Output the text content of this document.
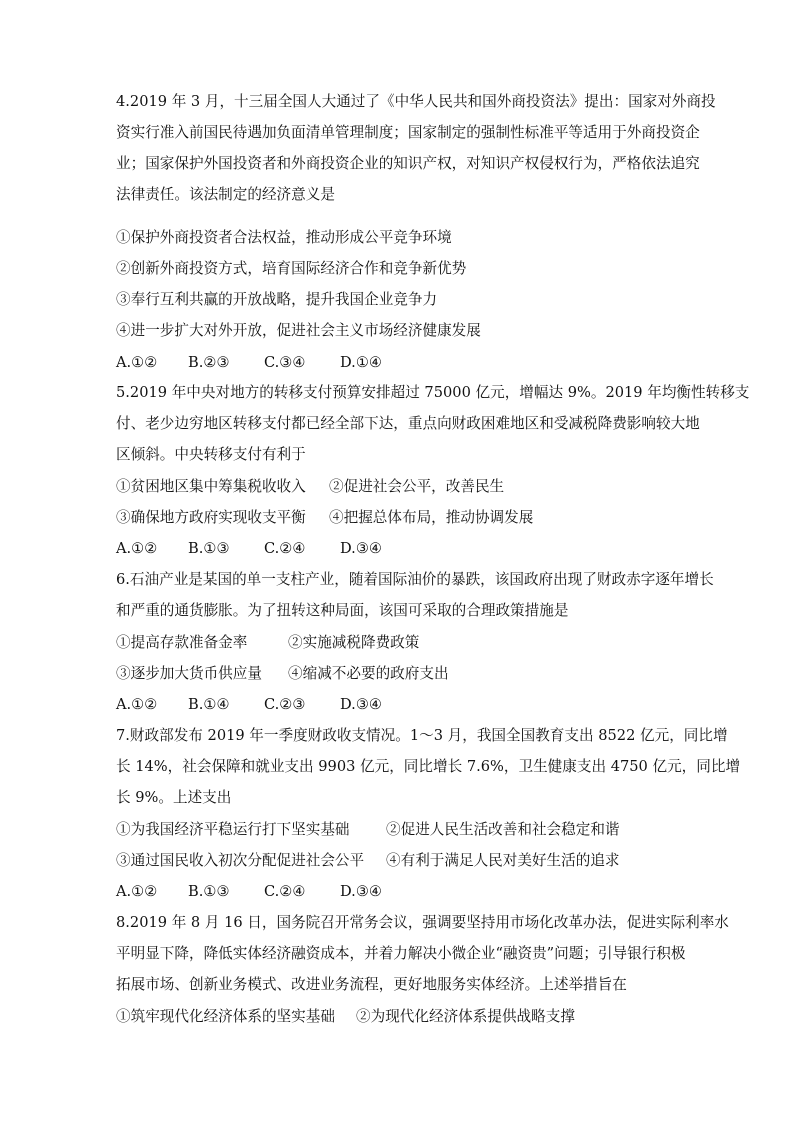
4.2019 年 3 月，十三届全国人大通过了《中华人民共和国外商投资法》提出：国家对外商投
资实行准入前国民待遇加负面清单管理制度；国家制定的强制性标准平等适用于外商投资企
业；国家保护外国投资者和外商投资企业的知识产权，对知识产权侵权行为，严格依法追究
法律责任。该法制定的经济意义是
①保护外商投资者合法权益，推动形成公平竞争环境
②创新外商投资方式，培育国际经济合作和竞争新优势
③奉行互利共赢的开放战略，提升我国企业竞争力
④进一步扩大对外开放，促进社会主义市场经济健康发展
A.①② B.②③ C.③④ D.①④
5.2019 年中央对地方的转移支付预算安排超过 75000 亿元，增幅达 9%。2019 年均衡性转移支
付、老少边穷地区转移支付都已经全部下达，重点向财政困难地区和受减税降费影响较大地
区倾斜。中央转移支付有利于
①贫困地区集中筹集税收收入 ②促进社会公平，改善民生
③确保地方政府实现收支平衡 ④把握总体布局，推动协调发展
A.①② B.①③ C.②④ D.③④
6.石油产业是某国的单一支柱产业，随着国际油价的暴跌，该国政府出现了财政赤字逐年增长
和严重的通货膨胀。为了扭转这种局面，该国可采取的合理政策措施是
①提高存款准备金率	②实施减税降费政策
③逐步加大货币供应量 ④缩减不必要的政府支出
A.①② B.①④ C.②③ D.③④
7.财政部发布 2019 年一季度财政收支情况。1～3 月，我国全国教育支出 8522 亿元，同比增
长 14%，社会保障和就业支出 9903 亿元，同比增长 7.6%，卫生健康支出 4750 亿元，同比增
长 9%。上述支出
①为我国经济平稳运行打下坚实基础 ②促进人民生活改善和社会稳定和谐
③通过国民收入初次分配促进社会公平 ④有利于满足人民对美好生活的追求
A.①② B.①③ C.②④ D.③④
8.2019 年 8 月 16 日，国务院召开常务会议，强调要坚持用市场化改革办法，促进实际利率水
平明显下降，降低实体经济融资成本，并着力解决小微企业“融资贵”问题；引导银行积极
拓展市场、创新业务模式、改进业务流程，更好地服务实体经济。上述举措旨在
①筑牢现代化经济体系的坚实基础 ②为现代化经济体系提供战略支撑
